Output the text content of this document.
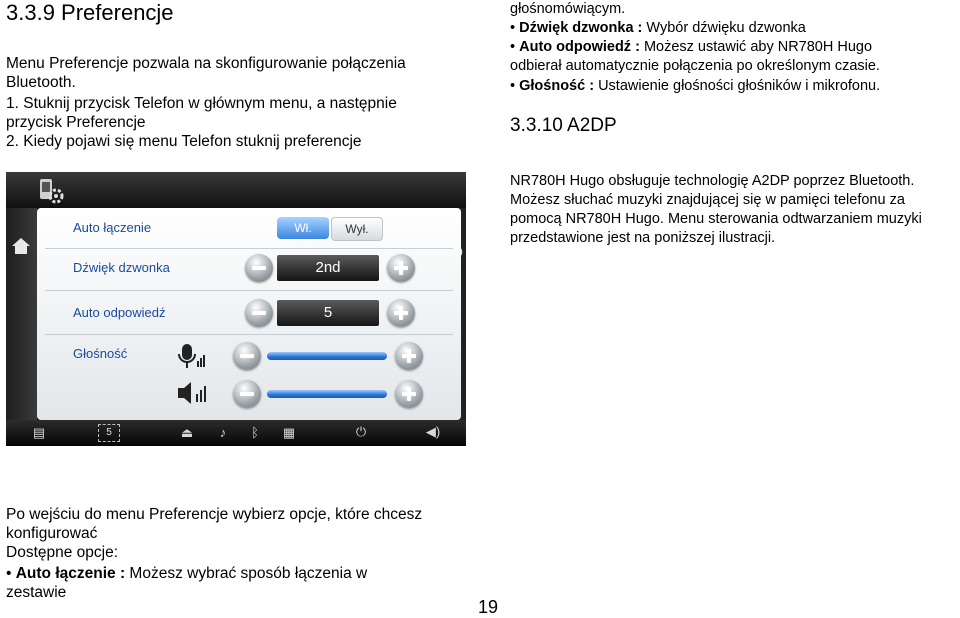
3.3.9 Preferencje
Menu Preferencje pozwala na skonfigurowanie połączenia
Bluetooth.
1. Stuknij przycisk Telefon w głównym menu, a następnie
przycisk Preferencje
2. Kiedy pojawi się menu Telefon stuknij preferencje
Auto łączenie	Wł.	Wył.
Dźwięk dzwonka	2nd
Auto odpowiedź	5
Głośność
▤	5	⏏	♪	ᛒ	▦	⏻	◀)
Po wejściu do menu Preferencje wybierz opcje, które chcesz
konfigurować
Dostępne opcje:
• Auto łączenie : Możesz wybrać sposób łączenia w zestawie
głośnomówiącym.
• Dźwięk dzwonka : Wybór dźwięku dzwonka
• Auto odpowiedź : Możesz ustawić aby NR780H Hugo
odbierał automatycznie połączenia po określonym czasie.
• Głośność : Ustawienie głośności głośników i mikrofonu.
3.3.10 A2DP
NR780H Hugo obsługuje technologię A2DP poprzez Bluetooth.
Możesz słuchać muzyki znajdującej się w pamięci telefonu za
pomocą NR780H Hugo. Menu sterowania odtwarzaniem muzyki
przedstawione jest na poniższej ilustracji.
19
